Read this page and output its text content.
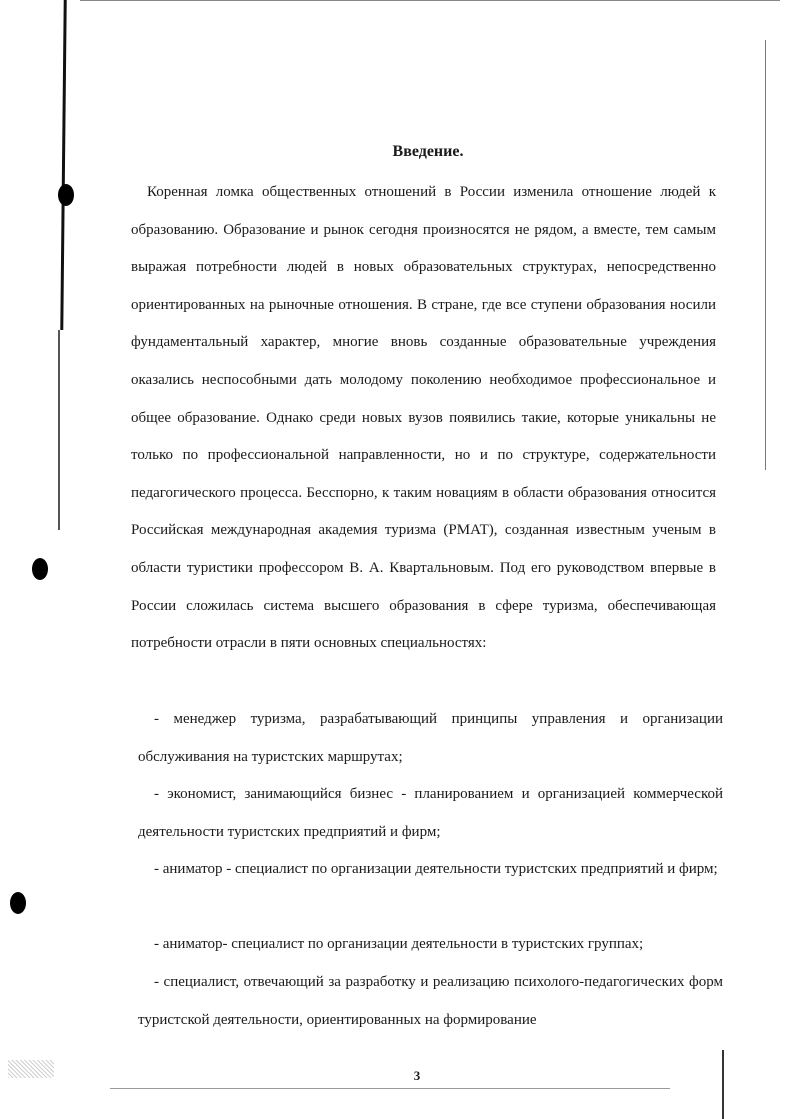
Введение.
Коренная ломка общественных отношений в России изменила отношение людей к образованию. Образование и рынок сегодня произносятся не рядом, а вместе, тем самым выражая потребности людей в новых образовательных структурах, непосредственно ориентированных на рыночные отношения. В стране, где все ступени образования носили фундаментальный характер, многие вновь созданные образовательные учреждения оказались неспособными дать молодому поколению необходимое профессиональное и общее образование. Однако среди новых вузов появились такие, которые уникальны не только по профессиональной направленности, но и по структуре, содержательности педагогического процесса. Бесспорно, к таким новациям в области образования относится Российская международная академия туризма (РМАТ), созданная известным ученым в области туристики профессором В. А. Квартальновым. Под его руководством впервые в России сложилась система высшего образования в сфере туризма, обеспечивающая потребности отрасли в пяти основных специальностях:
- менеджер туризма, разрабатывающий принципы управления и организации обслуживания на туристских маршрутах;
- экономист, занимающийся бизнес - планированием и организацией коммерческой деятельности туристских предприятий и фирм;
- аниматор - специалист по организации деятельности туристских предприятий и фирм;
- аниматор- специалист по организации деятельности в туристских группах;
- специалист, отвечающий за разработку и реализацию психолого-педагогических форм туристской деятельности, ориентированных на формирование
3
